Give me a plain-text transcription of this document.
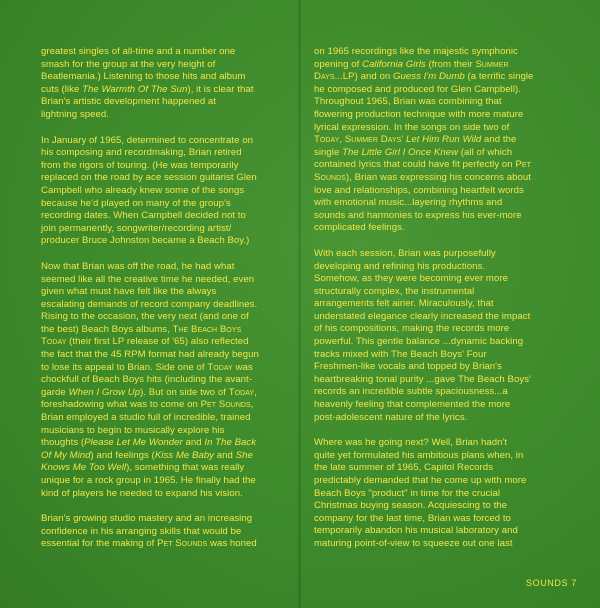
greatest singles of all-time and a number one

smash for the group at the very height of

Beatlemania.) Listening to those hits and album

cuts (like The Warmth Of The Sun), it is clear that

Brian's artistic development happened at

lightning speed.

In January of 1965, determined to concentrate on

his composing and recordmaking, Brian retired

from the rigors of touring. (He was temporarily

replaced on the road by ace session guitarist Glen

Campbell who already knew some of the songs

because he'd played on many of the group's

recording dates. When Campbell decided not to

join permanently, songwriter/recording artist/

producer Bruce Johnston became a Beach Boy.)

Now that Brian was off the road, he had what

seemed like all the creative time he needed, even

given what must have felt like the always

escalating demands of record company deadlines.

Rising to the occasion, the very next (and one of

the best) Beach Boys albums, The Beach Boys

Today (their first LP release of '65) also reflected

the fact that the 45 RPM format had already begun

to lose its appeal to Brian. Side one of Today was

chockfull of Beach Boys hits (including the avant-

garde When I Grow Up). But on side two of Today,

foreshadowing what was to come on Pet Sounds,

Brian employed a studio full of incredible, trained

musicians to begin to musically explore his

thoughts (Please Let Me Wonder and In The Back

Of My Mind) and feelings (Kiss Me Baby and She

Knows Me Too Well), something that was really

unique for a rock group in 1965. He finally had the

kind of players he needed to expand his vision.

Brian's growing studio mastery and an increasing

confidence in his arranging skills that would be

essential for the making of Pet Sounds was honed

on 1965 recordings like the majestic symphonic

opening of California Girls (from their Summer

Days...LP) and on Guess I'm Dumb (a terrific single

he composed and produced for Glen Campbell).

Throughout 1965, Brian was combining that

flowering production technique with more mature

lyrical expression. In the songs on side two of

Today, Summer Days' Let Him Run Wild and the

single The Little Girl I Once Knew (all of which

contained lyrics that could have fit perfectly on Pet

Sounds), Brian was expressing his concerns about

love and relationships, combining heartfelt words

with emotional music...layering rhythms and

sounds and harmonies to express his ever-more

complicated feelings.

With each session, Brian was purposefully

developing and refining his productions.

Somehow, as they were becoming ever more

structurally complex, the instrumental

arrangements felt airier. Miraculously, that

understated elegance clearly increased the impact

of his compositions, making the records more

powerful. This gentle balance ...dynamic backing

tracks mixed with The Beach Boys' Four

Freshmen-like vocals and topped by Brian's

heartbreaking tonal purity ...gave The Beach Boys'

records an incredible subtle spaciousness...a

heavenly feeling that complemented the more

post-adolescent nature of the lyrics.

Where was he going next? Well, Brian hadn't

quite yet formulated his ambitious plans when, in

the late summer of 1965, Capitol Records

predictably demanded that he come up with more

Beach Boys "product" in time for the crucial

Christmas buying season. Acquiescing to the

company for the last time, Brian was forced to

temporarily abandon his musical laboratory and

maturing point-of-view to squeeze out one last

SOUNDS 7
